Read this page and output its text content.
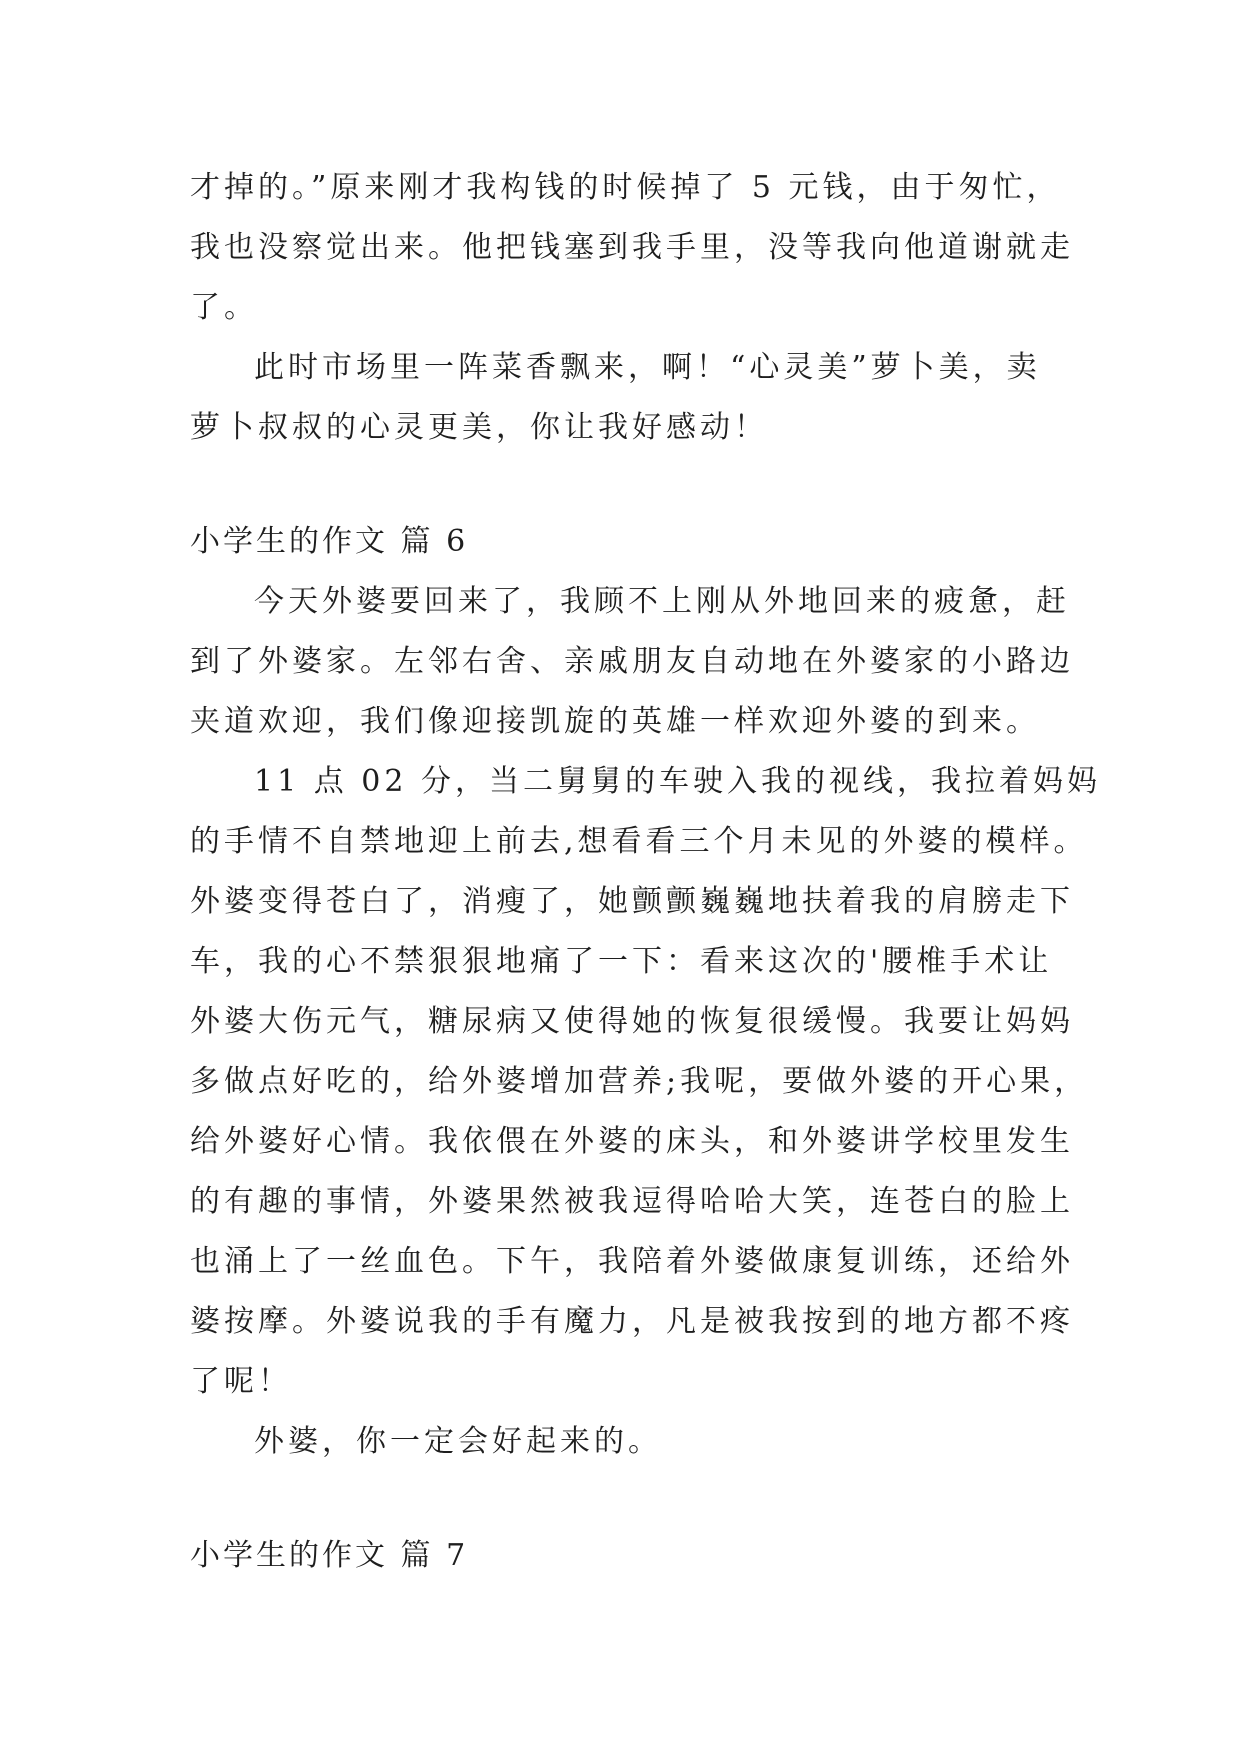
才掉的。”原来刚才我构钱的时候掉了 5 元钱，由于匆忙，

我也没察觉出来。他把钱塞到我手里，没等我向他道谢就走

了。

此时市场里一阵菜香飘来，啊！“心灵美”萝卜美，卖

萝卜叔叔的心灵更美，你让我好感动！

小学生的作文 篇 6

今天外婆要回来了，我顾不上刚从外地回来的疲惫，赶

到了外婆家。左邻右舍、亲戚朋友自动地在外婆家的小路边

夹道欢迎，我们像迎接凯旋的英雄一样欢迎外婆的到来。

11 点 02 分，当二舅舅的车驶入我的视线，我拉着妈妈

的手情不自禁地迎上前去,想看看三个月未见的外婆的模样。

外婆变得苍白了，消瘦了，她颤颤巍巍地扶着我的肩膀走下

车，我的心不禁狠狠地痛了一下：看来这次的'腰椎手术让

外婆大伤元气，糖尿病又使得她的恢复很缓慢。我要让妈妈

多做点好吃的，给外婆增加营养;我呢，要做外婆的开心果，

给外婆好心情。我依偎在外婆的床头，和外婆讲学校里发生

的有趣的事情，外婆果然被我逗得哈哈大笑，连苍白的脸上

也涌上了一丝血色。下午，我陪着外婆做康复训练，还给外

婆按摩。外婆说我的手有魔力，凡是被我按到的地方都不疼

了呢！

外婆，你一定会好起来的。

小学生的作文 篇 7
